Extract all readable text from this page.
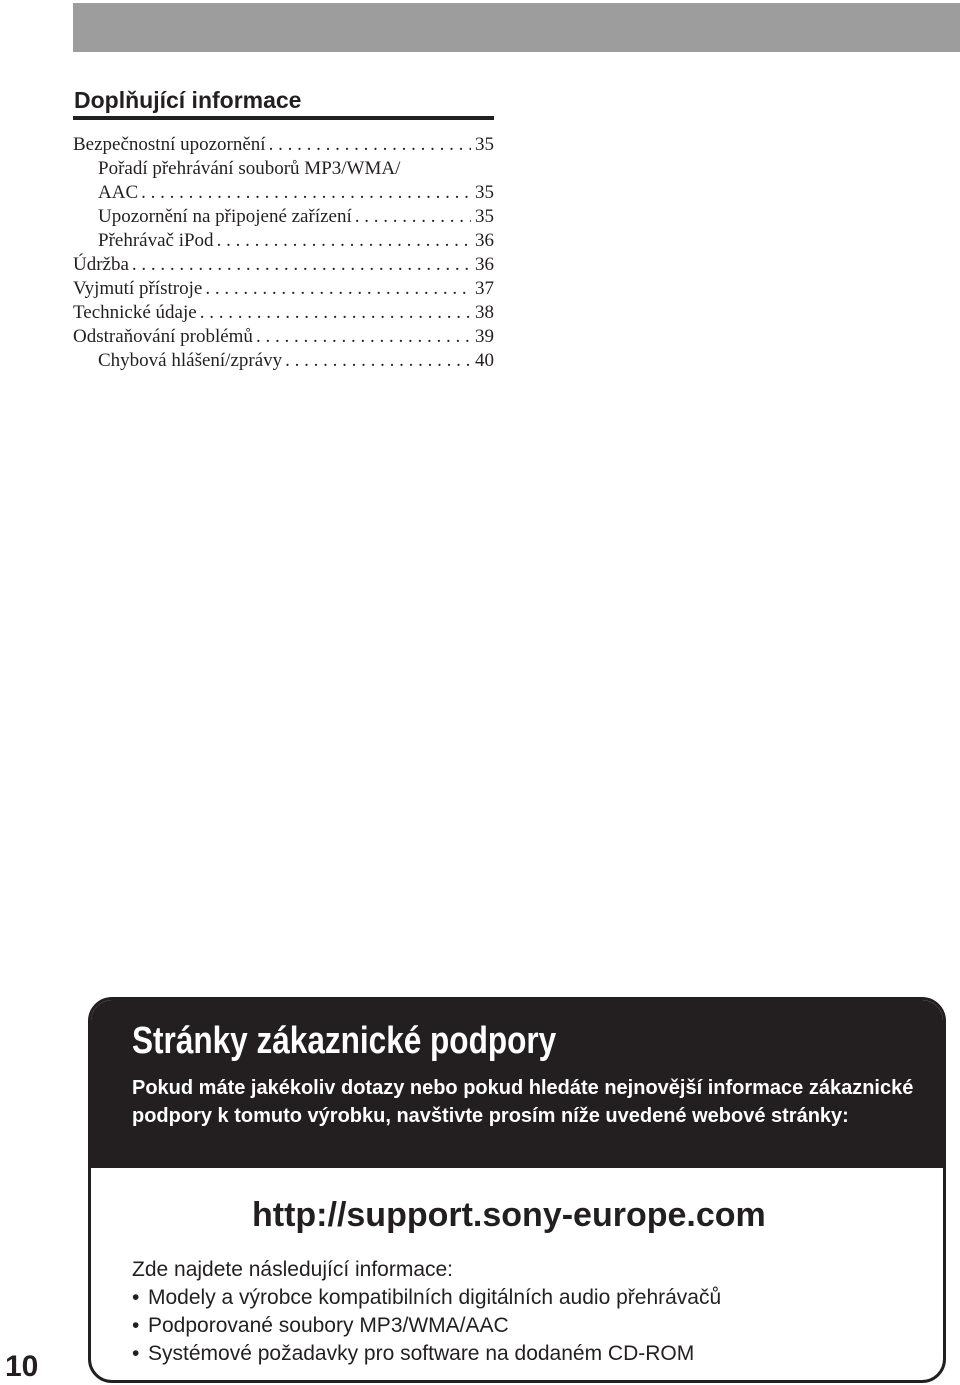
Doplňující informace
Bezpečnostní upozornění . . .	35
Pořadí přehrávání souborů MP3/WMA/
AAC . . .	35
Upozornění na připojené zařízení . . .	35
Přehrávač iPod . . .	36
Údržba . . .	36
Vyjmutí přístroje . . .	37
Technické údaje . . .	38
Odstraňování problémů . . .	39
Chybová hlášení/zprávy . . .	40
Stránky zákaznické podpory

Pokud máte jakékoliv dotazy nebo pokud hledáte nejnovější informace zákaznické podpory k tomuto výrobku, navštivte prosím níže uvedené webové stránky:

http://support.sony-europe.com

Zde najdete následující informace:

• Modely a výrobce kompatibilních digitálních audio přehrávačů
• Podporované soubory MP3/WMA/AAC
• Systémové požadavky pro software na dodaném CD-ROM
10
